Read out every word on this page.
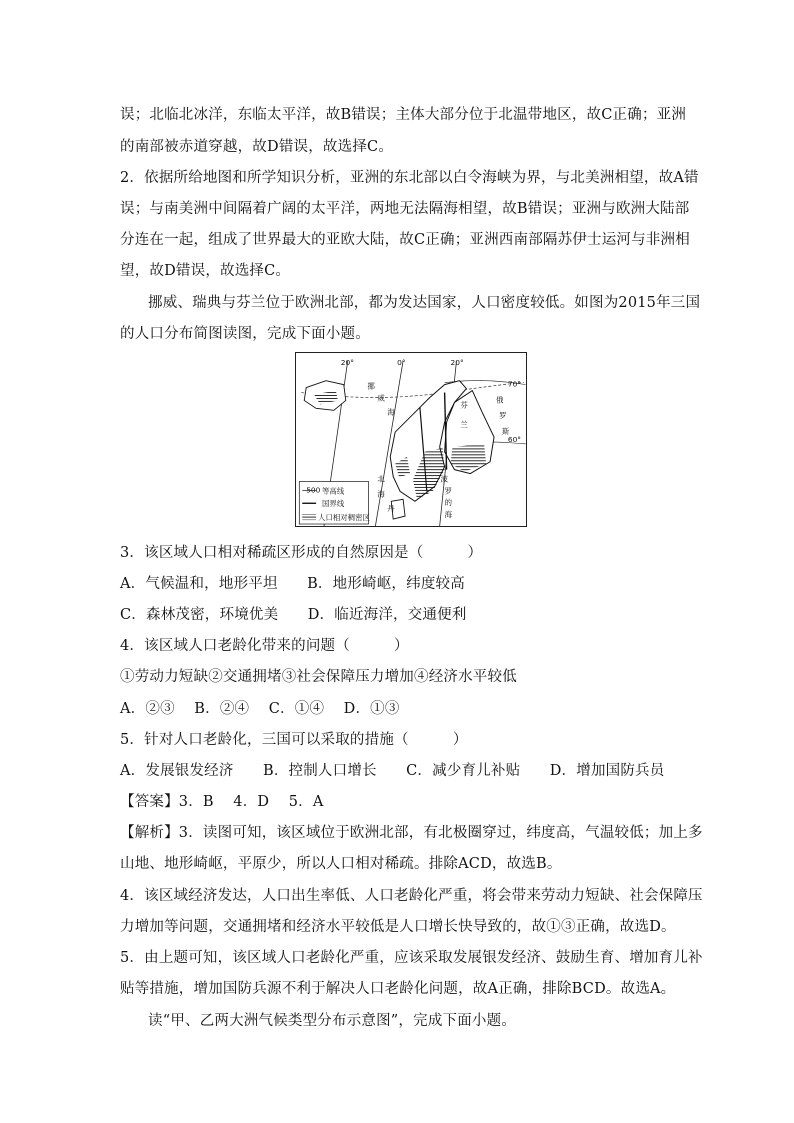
误；北临北冰洋，东临太平洋，故B错误；主体大部分位于北温带地区，故C正确；亚洲
的南部被赤道穿越，故D错误，故选择C。
2．依据所给地图和所学知识分析，亚洲的东北部以白令海峡为界，与北美洲相望，故A错
误；与南美洲中间隔着广阔的太平洋，两地无法隔海相望，故B错误；亚洲与欧洲大陆部
分连在一起，组成了世界最大的亚欧大陆，故C正确；亚洲西南部隔苏伊士运河与非洲相
望，故D错误，故选择C。
挪威、瑞典与芬兰位于欧洲北部，都为发达国家，人口密度较低。如图为2015年三国
的人口分布简图读图，完成下面小题。
20°	0°	20°
70°
60°
挪
威
海
芬
兰
俄
罗
斯
北
海
丹
波
罗
的
海
500 等高线
国界线
人口相对稠密区
3．该区域人口相对稀疏区形成的自然原因是（　　　）
A．气候温和，地形平坦　　B．地形崎岖，纬度较高
C．森林茂密，环境优美　　D．临近海洋，交通便利
4．该区域人口老龄化带来的问题（　　　）
①劳动力短缺②交通拥堵③社会保障压力增加④经济水平较低
A．②③　 B．②④　 C．①④　 D．①③
5．针对人口老龄化，三国可以采取的措施（　　　）
A．发展银发经济　　B．控制人口增长　　C．减少育儿补贴　　D．增加国防兵员
【答案】3．B　 4．D　 5．A
【解析】3．读图可知，该区域位于欧洲北部，有北极圈穿过，纬度高，气温较低；加上多
山地、地形崎岖，平原少，所以人口相对稀疏。排除ACD，故选B。
4．该区域经济发达，人口出生率低、人口老龄化严重，将会带来劳动力短缺、社会保障压
力增加等问题，交通拥堵和经济水平较低是人口增长快导致的，故①③正确，故选D。
5．由上题可知，该区域人口老龄化严重，应该采取发展银发经济、鼓励生育、增加育儿补
贴等措施，增加国防兵源不利于解决人口老龄化问题，故A正确，排除BCD。故选A。
读“甲、乙两大洲气候类型分布示意图”，完成下面小题。
